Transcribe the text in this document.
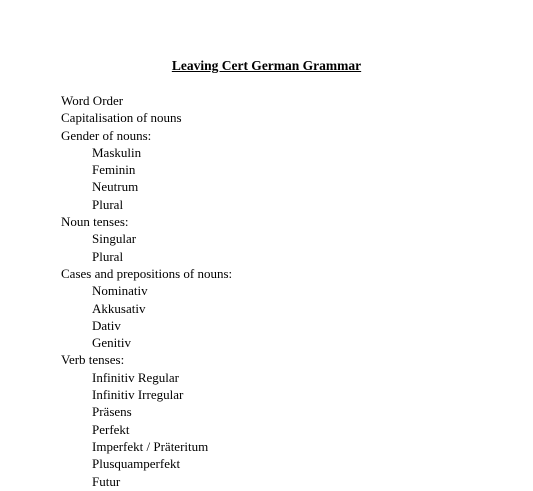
Leaving Cert German Grammar
Word Order
Capitalisation of nouns
Gender of nouns:
Maskulin
Feminin
Neutrum
Plural
Noun tenses:
Singular
Plural
Cases and prepositions of nouns:
Nominativ
Akkusativ
Dativ
Genitiv
Verb tenses:
Infinitiv Regular
Infinitiv Irregular
Präsens
Perfekt
Imperfekt / Präteritum
Plusquamperfekt
Futur
